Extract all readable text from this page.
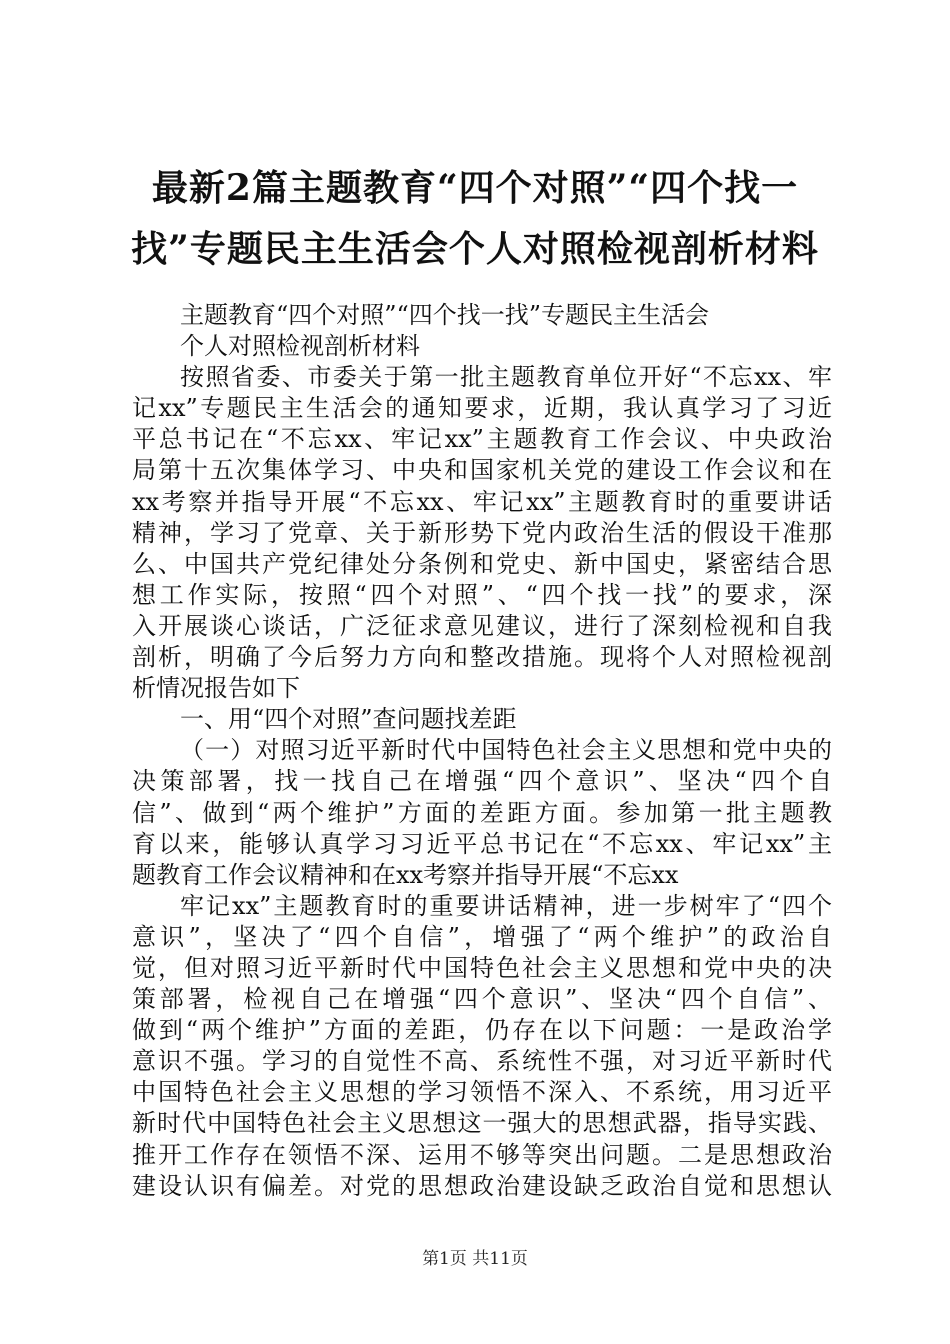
最新2篇主题教育“四个对照”“四个找一
找”专题民主生活会个人对照检视剖析材料
主题教育“四个对照”“四个找一找”专题民主生活会
个人对照检视剖析材料
按照省委、市委关于第一批主题教育单位开好“不忘xx、牢
记xx”专题民主生活会的通知要求，近期，我认真学习了习近
平总书记在“不忘xx、牢记xx”主题教育工作会议、中央政治
局第十五次集体学习、中央和国家机关党的建设工作会议和在
xx考察并指导开展“不忘xx、牢记xx”主题教育时的重要讲话
精神，学习了党章、关于新形势下党内政治生活的假设干准那
么、中国共产党纪律处分条例和党史、新中国史，紧密结合思
想工作实际，按照“四个对照”、“四个找一找”的要求，深
入开展谈心谈话，广泛征求意见建议，进行了深刻检视和自我
剖析，明确了今后努力方向和整改措施。现将个人对照检视剖
析情况报告如下
一、用“四个对照”查问题找差距
（一）对照习近平新时代中国特色社会主义思想和党中央的
决策部署，找一找自己在增强“四个意识”、坚决“四个自
信”、做到“两个维护”方面的差距方面。参加第一批主题教
育以来，能够认真学习习近平总书记在“不忘xx、牢记xx”主
题教育工作会议精神和在xx考察并指导开展“不忘xx
牢记xx”主题教育时的重要讲话精神，进一步树牢了“四个
意识”，坚决了“四个自信”，增强了“两个维护”的政治自
觉，但对照习近平新时代中国特色社会主义思想和党中央的决
策部署，检视自己在增强“四个意识”、坚决“四个自信”、
做到“两个维护”方面的差距，仍存在以下问题：一是政治学
意识不强。学习的自觉性不高、系统性不强，对习近平新时代
中国特色社会主义思想的学习领悟不深入、不系统，用习近平
新时代中国特色社会主义思想这一强大的思想武器，指导实践、
推开工作存在领悟不深、运用不够等突出问题。二是思想政治
建设认识有偏差。对党的思想政治建设缺乏政治自觉和思想认
第1页 共11页
